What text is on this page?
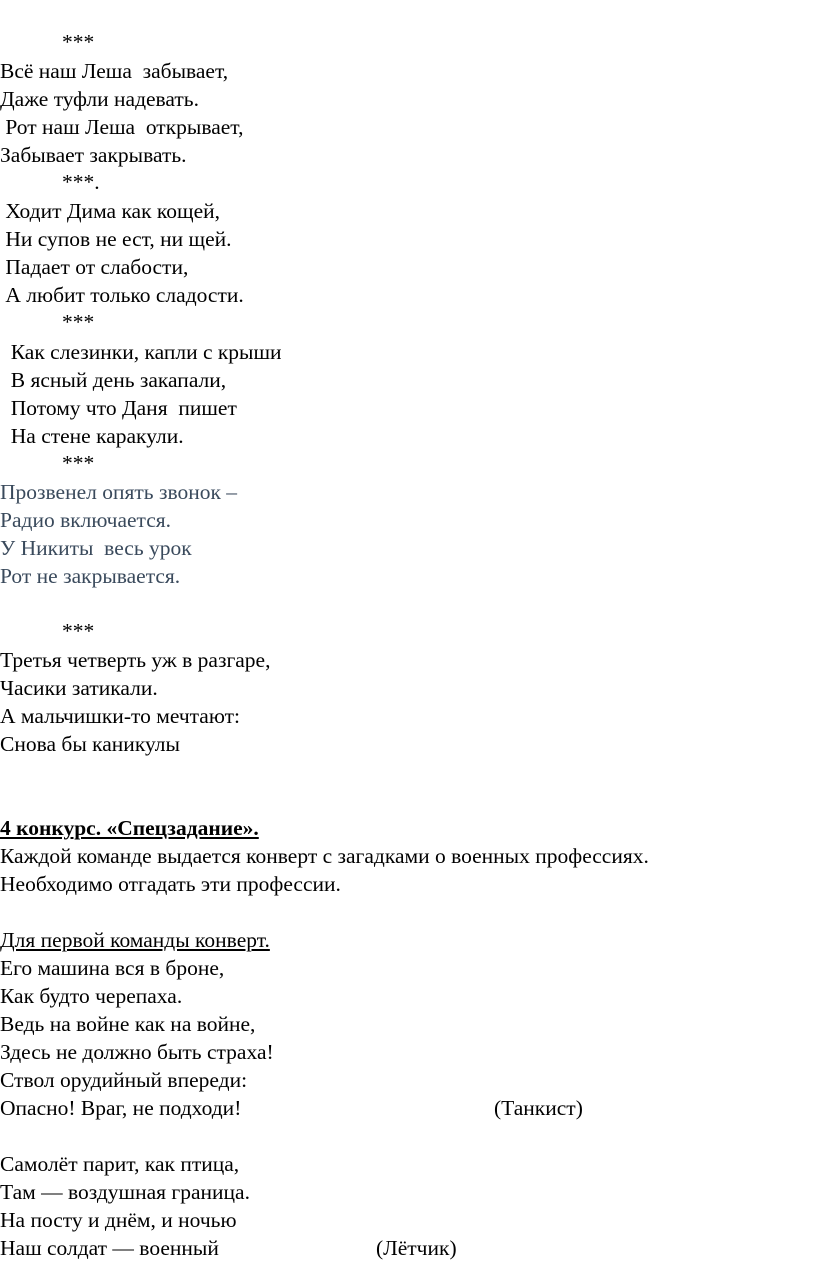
***
Всё наш Леша  забывает,
Даже туфли надевать.
Рот наш Леша  открывает,
Забывает закрывать.
***.
Ходит Дима как кощей,
Ни супов не ест, ни щей.
Падает от слабости,
А любит только сладости.
***
Как слезинки, капли с крыши
В ясный день закапали,
Потому что Даня  пишет
На стене каракули.
***
Прозвенел опять звонок –
Радио включается.
У Никиты  весь урок
Рот не закрывается.
***
Третья четверть уж в разгаре,
Часики затикали.
А мальчишки-то мечтают:
Снова бы каникулы
4 конкурс. «Спецзадание».
Каждой команде выдается конверт с загадками о военных профессиях.
Необходимо отгадать эти профессии.
Для первой команды конверт.
Его машина вся в броне,
Как будто черепаха.
Ведь на войне как на войне,
Здесь не должно быть страха!
Ствол орудийный впереди:
Опасно! Враг, не подходи!	(Танкист)
Самолёт парит, как птица,
Там — воздушная граница.
На посту и днём, и ночью
Наш солдат — военный	(Лётчик)
